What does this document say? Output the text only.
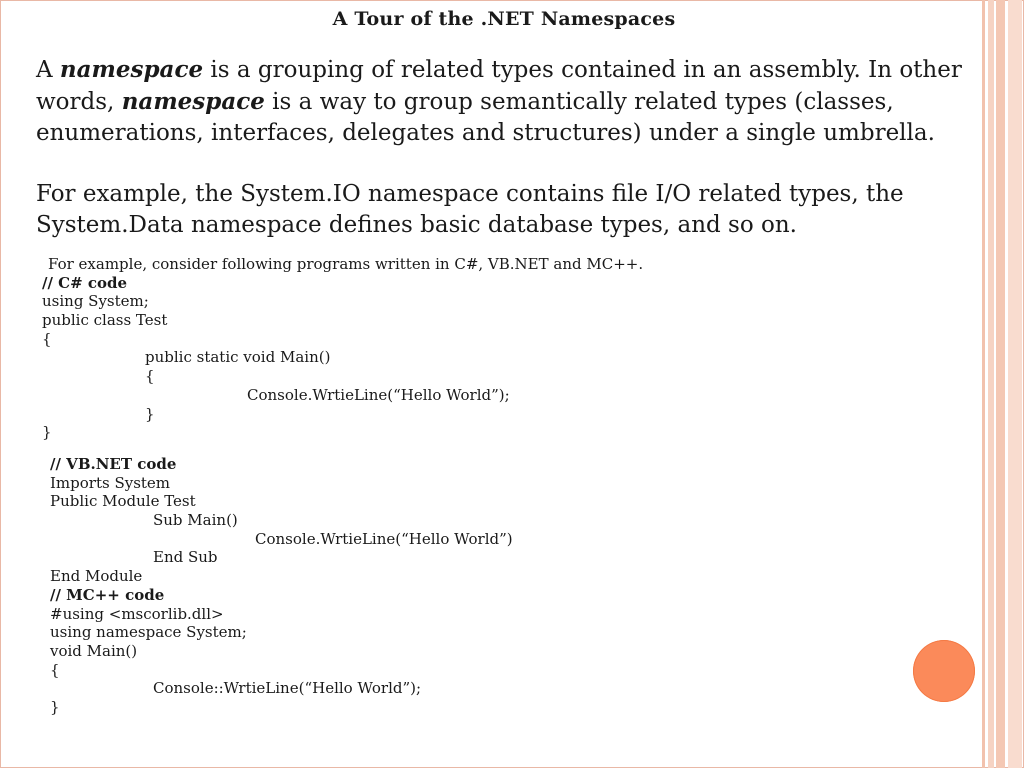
A Tour of the .NET Namespaces

A namespace is a grouping of related types contained in an assembly. In other words, namespace is a way to group semantically related types (classes, enumerations, interfaces, delegates and structures) under a single umbrella.

For example, the System.IO namespace contains file I/O related types, the System.Data namespace defines basic database types, and so on.

For example, consider following programs written in C#, VB.NET and MC++.
// C# code
using System;
public class Test
{
public static void Main()
{
Console.WrtieLine(“Hello World”);
}
}
// VB.NET code
Imports System
Public Module Test
Sub Main()
Console.WrtieLine(“Hello World”)
End Sub
End Module
// MC++ code
#using <mscorlib.dll>
using namespace System;
void Main()
{
Console::WrtieLine(“Hello World”);
}
